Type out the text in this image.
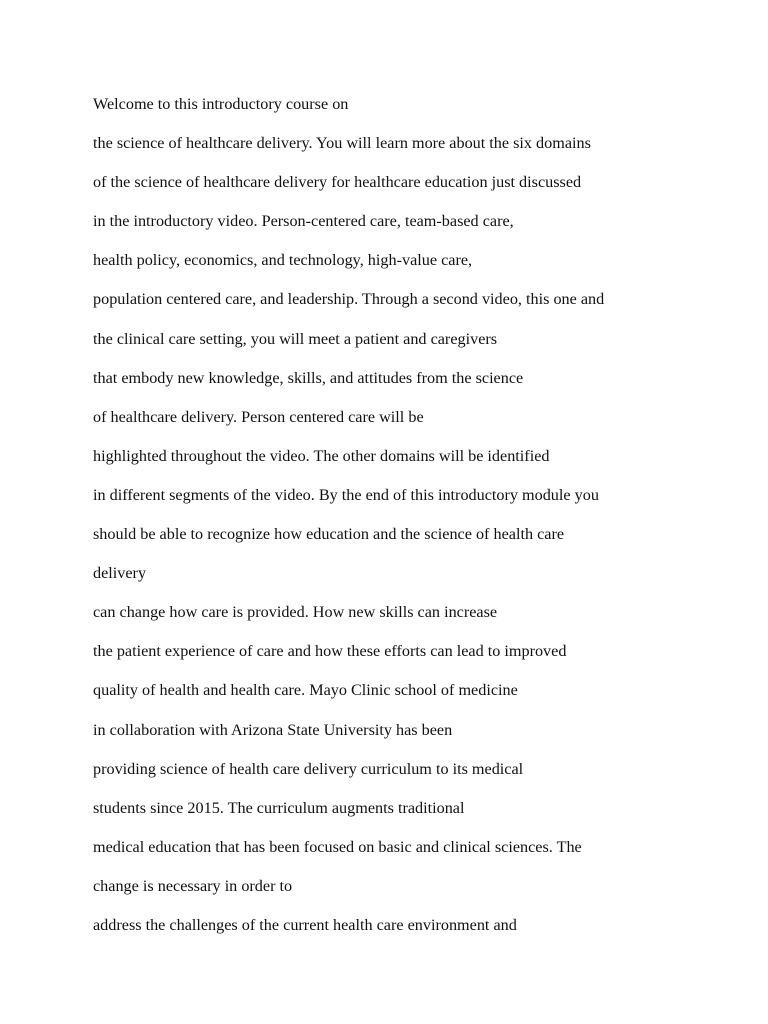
Welcome to this introductory course on
the science of healthcare delivery. You will learn more about the six domains
of the science of healthcare delivery for healthcare education just discussed
in the introductory video. Person-centered care, team-based care,
health policy, economics, and technology, high-value care,
population centered care, and leadership. Through a second video, this one and
the clinical care setting, you will meet a patient and caregivers
that embody new knowledge, skills, and attitudes from the science
of healthcare delivery. Person centered care will be
highlighted throughout the video. The other domains will be identified
in different segments of the video. By the end of this introductory module you
should be able to recognize how education and the science of health care
delivery
can change how care is provided. How new skills can increase
the patient experience of care and how these efforts can lead to improved
quality of health and health care. Mayo Clinic school of medicine
in collaboration with Arizona State University has been
providing science of health care delivery curriculum to its medical
students since 2015. The curriculum augments traditional
medical education that has been focused on basic and clinical sciences. The
change is necessary in order to
address the challenges of the current health care environment and
